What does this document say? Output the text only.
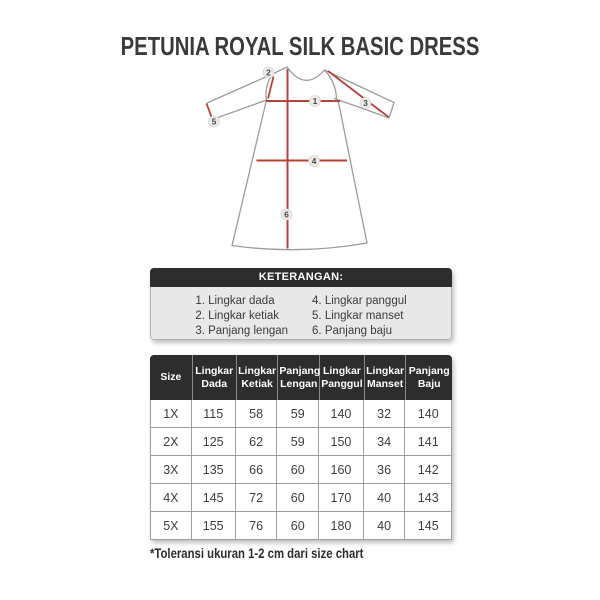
PETUNIA ROYAL SILK BASIC DRESS
1
2
3
4
5
6
KETERANGAN:
1. Lingkar dada
2. Lingkar ketiak
3. Panjang lengan
4. Lingkar panggul
5. Lingkar manset
6. Panjang baju
Size	Lingkar Dada	Lingkar Ketiak	Panjang Lengan	Lingkar Panggul	Lingkar Manset	Panjang Baju
1X	115	58	59	140	32	140
2X	125	62	59	150	34	141
3X	135	66	60	160	36	142
4X	145	72	60	170	40	143
5X	155	76	60	180	40	145

*Toleransi ukuran 1-2 cm dari size chart
